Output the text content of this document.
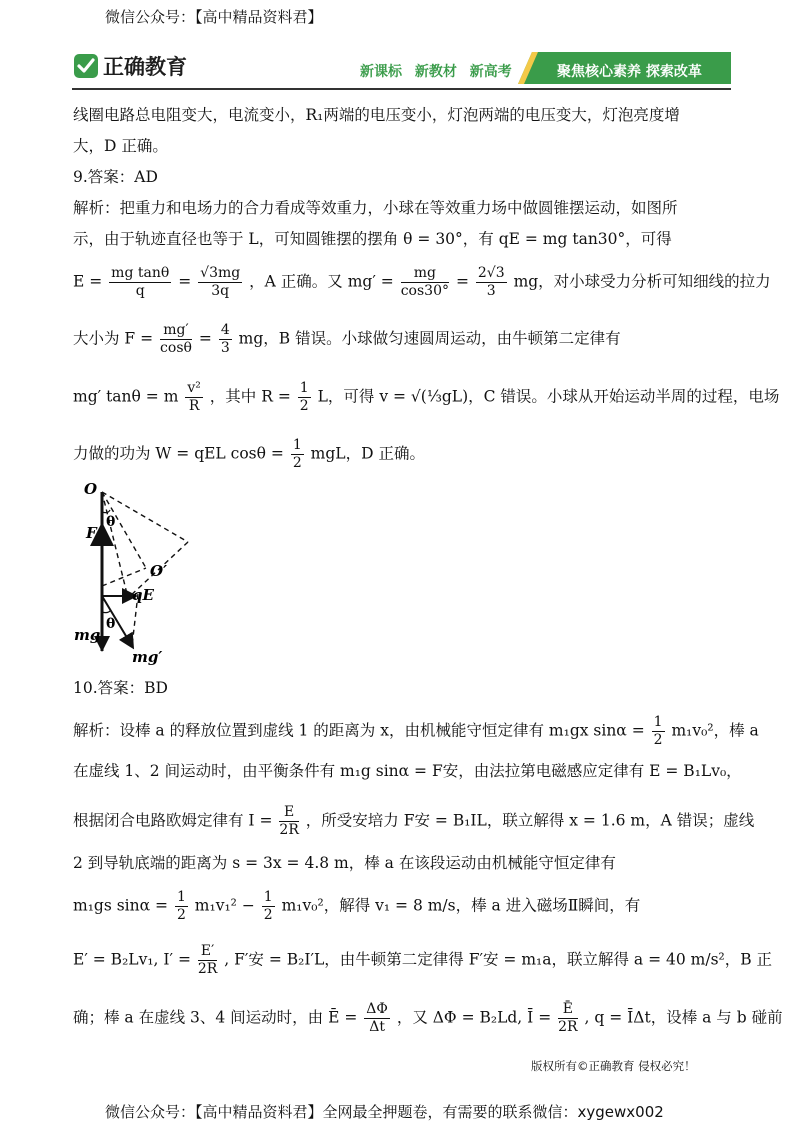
微信公众号：【高中精品资料君】
正确教育	新课标 新教材 新高考	聚焦核心素养 探索改革
线圈电路总电阻变大，电流变小，R₁两端的电压变小，灯泡两端的电压变大，灯泡亮度增
大，D 正确。
9.答案：AD
解析：把重力和电场力的合力看成等效重力，小球在等效重力场中做圆锥摆运动，如图所
示，由于轨迹直径也等于 L，可知圆锥摆的摆角 θ = 30°，有 qE = mg tan30°，可得
$E = \frac{\text{mg tanθ}}{q} = \frac{√3mg}{3q}$ ，A 正确。又 $mg' = \frac{mg}{\cos 30^\circ} = \frac{2√3}{3}$ mg，对小球受力分析可知细线的拉力
大小为 $F = \frac{mg'}{\cos\theta} = \frac{4}{3}$ mg，B 错误。小球做匀速圆周运动，由牛顿第二定律有
mg′ tanθ = m $\frac{\text{v²}}{R}$ ，其中 $R = \frac{1}{2}$ L，可得 v = √(⅓gL)，C 错误。小球从开始运动半周的过程，电场
力做的功为 W = qEL $\cos\theta = \frac{1}{2}$ mgL，D 正确。
O
θ
F
O′
qE
θ
mg
mg′
10.答案：BD
解析：设棒 a 的释放位置到虚线 1 的距离为 x，由机械能守恒定律有 m₁gx $\sin\alpha = \frac{1}{2} m_1v_0^2$，棒 a
在虚线 1、2 间运动时，由平衡条件有 m₁g sinα = F安，由法拉第电磁感应定律有 E = B₁Lv₀，
根据闭合电路欧姆定律有 $I = \frac{E}{2R}$ ，所受安培力 F安 = B₁IL，联立解得 x = 1.6 m，A 错误；虚线
2 到导轨底端的距离为 s = 3x = 4.8 m，棒 a 在该段运动由机械能守恒定律有
m₁gs $\sin\alpha = \frac{1}{2} m_1v_1^2 - \frac{1}{2} m_1v_0^2$，解得 v₁ = 8 m/s，棒 a 进入磁场Ⅱ瞬间，有
E′ = B₂Lv₁, $I' = \frac{E'}{2R}$ , F′安 = B₂I′L，由牛顿第二定律得 F′安 = m₁a，联立解得 a = 40 m/s²，B 正
确；棒 a 在虚线 3、4 间运动时，由 Ē = $\frac{\Delta\Phi}{\Delta t}$ ，又 ΔΦ = B₂Ld, Ī = $\frac{Ē}{2R}$ , q = ĪΔt，设棒 a 与 b 碰前
版权所有©正确教育 侵权必究！
微信公众号：【高中精品资料君】全网最全押题卷，有需要的联系微信：xygewx002
